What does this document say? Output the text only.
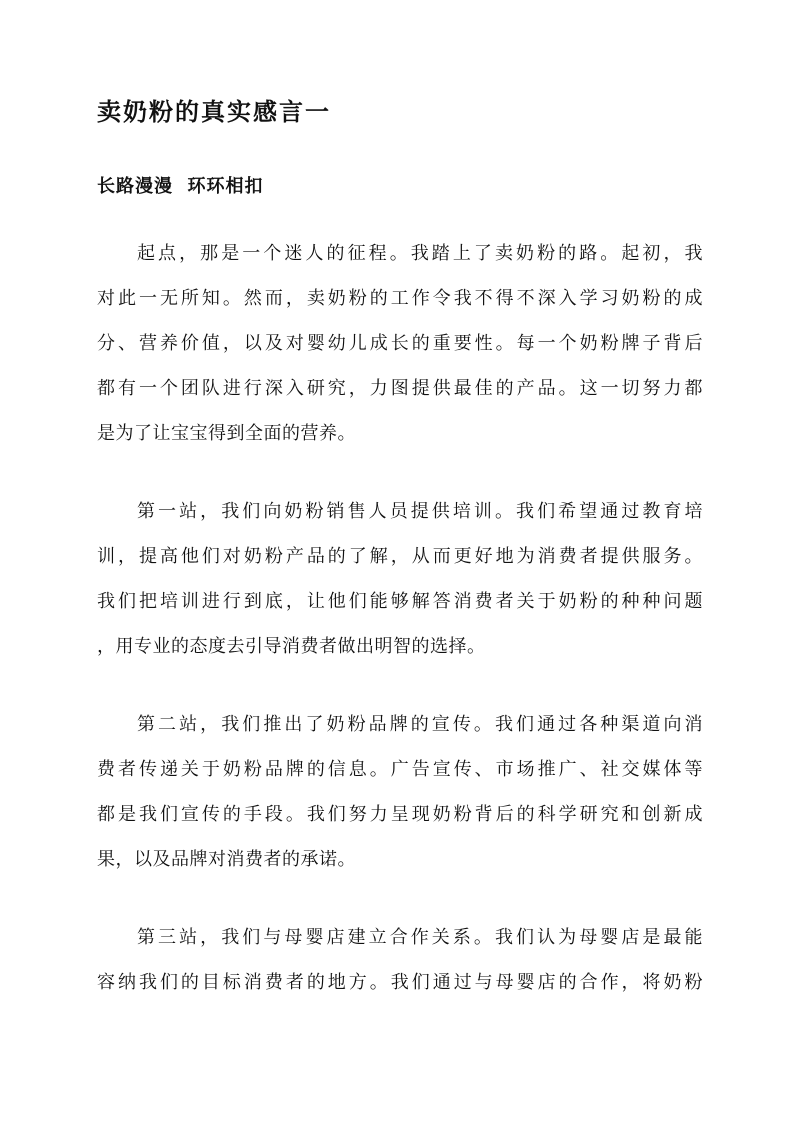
卖奶粉的真实感言一
长路漫漫  环环相扣

起点，那是一个迷人的征程。我踏上了卖奶粉的路。起初，我
对此一无所知。然而，卖奶粉的工作令我不得不深入学习奶粉的成
分、营养价值，以及对婴幼儿成长的重要性。每一个奶粉牌子背后
都有一个团队进行深入研究，力图提供最佳的产品。这一切努力都
是为了让宝宝得到全面的营养。

第一站，我们向奶粉销售人员提供培训。我们希望通过教育培
训，提高他们对奶粉产品的了解，从而更好地为消费者提供服务。
我们把培训进行到底，让他们能够解答消费者关于奶粉的种种问题
，用专业的态度去引导消费者做出明智的选择。

第二站，我们推出了奶粉品牌的宣传。我们通过各种渠道向消
费者传递关于奶粉品牌的信息。广告宣传、市场推广、社交媒体等
都是我们宣传的手段。我们努力呈现奶粉背后的科学研究和创新成
果，以及品牌对消费者的承诺。

第三站，我们与母婴店建立合作关系。我们认为母婴店是最能
容纳我们的目标消费者的地方。我们通过与母婴店的合作，将奶粉
